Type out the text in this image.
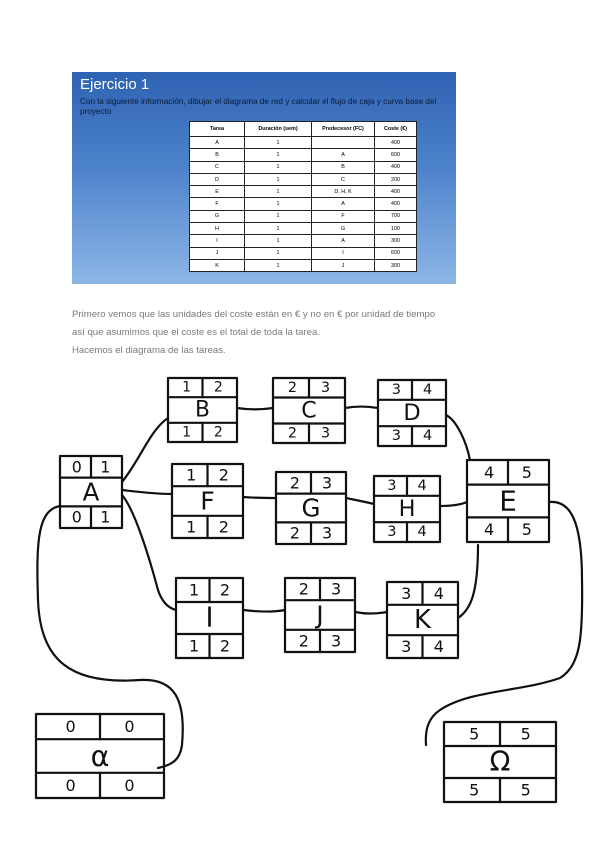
Ejercicio 1
Con la siguiente información, dibujar el diagrama de red y calcular el flujo de caja y curva base del proyecto
Tarea	Duración (sem)	Predecesor (FC)	Coste (€)
A	1		400
B	1	A	600
C	1	B	400
D	1	C	200
E	1	D, H, K	400
F	1	A	400
G	1	F	700
H	1	G	100
I	1	A	300
J	1	I	600
K	1	J	300

Primero vemos que las unidades del coste están en € y no en € por unidad de tiempo

así que asumimos que el coste es el total de toda la tarea.

Hacemos el diagrama de las tareas.

0 1
A
0 1
1 2
B
1 2
2 3
C
2 3
3 4
D
3 4
1 2
F
1 2
2 3
G
2 3
3 4
H
3 4
4 5
E
4 5
1 2
I
1 2
2 3
J
2 3
3 4
K
3 4
0	0
α
0	0
5	5
Ω
5	5
